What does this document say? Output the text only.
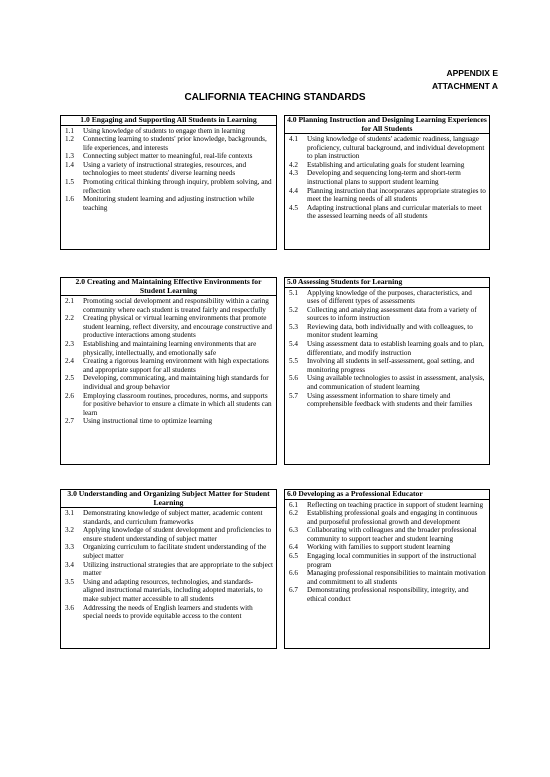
APPENDIX E
ATTACHMENT A
CALIFORNIA TEACHING STANDARDS
1.0 Engaging and Supporting All Students in Learning
1.1	Using knowledge of students to engage them in learning
1.2	Connecting learning to students' prior knowledge, backgrounds, life experiences, and interests
1.3	Connecting subject matter to meaningful, real-life contexts
1.4	Using a variety of instructional strategies, resources, and technologies to meet students' diverse learning needs
1.5	Promoting critical thinking through inquiry, problem solving, and reflection
1.6	Monitoring student learning and adjusting instruction while teaching
4.0 Planning Instruction and Designing Learning Experiences for All Students
4.1	Using knowledge of students' academic readiness, language proficiency, cultural background, and individual development to plan instruction
4.2	Establishing and articulating goals for student learning
4.3	Developing and sequencing long-term and short-term instructional plans to support student learning
4.4	Planning instruction that incorporates appropriate strategies to meet the learning needs of all students
4.5	Adapting instructional plans and curricular materials to meet the assessed learning needs of all students
2.0 Creating and Maintaining Effective Environments for Student Learning
2.1	Promoting social development and responsibility within a caring community where each student is treated fairly and respectfully
2.2	Creating physical or virtual learning environments that promote student learning, reflect diversity, and encourage constructive and productive interactions among students
2.3	Establishing and maintaining learning environments that are physically, intellectually, and emotionally safe
2.4	Creating a rigorous learning environment with high expectations and appropriate support for all students
2.5	Developing, communicating, and maintaining high standards for individual and group behavior
2.6	Employing classroom routines, procedures, norms, and supports for positive behavior to ensure a climate in which all students can learn
2.7	Using instructional time to optimize learning
5.0 Assessing Students for Learning
5.1	Applying knowledge of the purposes, characteristics, and uses of different types of assessments
5.2	Collecting and analyzing assessment data from a variety of sources to inform instruction
5.3	Reviewing data, both individually and with colleagues, to monitor student learning
5.4	Using assessment data to establish learning goals and to plan, differentiate, and modify instruction
5.5	Involving all students in self-assessment, goal setting, and monitoring progress
5.6	Using available technologies to assist in assessment, analysis, and communication of student learning
5.7	Using assessment information to share timely and comprehensible feedback with students and their families
3.0 Understanding and Organizing Subject Matter for Student Learning
3.1	Demonstrating knowledge of subject matter, academic content standards, and curriculum frameworks
3.2	Applying knowledge of student development and proficiencies to ensure student understanding of subject matter
3.3	Organizing curriculum to facilitate student understanding of the subject matter
3.4	Utilizing instructional strategies that are appropriate to the subject matter
3.5	Using and adapting resources, technologies, and standards-aligned instructional materials, including adopted materials, to make subject matter accessible to all students
3.6	Addressing the needs of English learners and students with special needs to provide equitable access to the content
6.0 Developing as a Professional Educator
6.1	Reflecting on teaching practice in support of student learning
6.2	Establishing professional goals and engaging in continuous and purposeful professional growth and development
6.3	Collaborating with colleagues and the broader professional community to support teacher and student learning
6.4	Working with families to support student learning
6.5	Engaging local communities in support of the instructional program
6.6	Managing professional responsibilities to maintain motivation and commitment to all students
6.7	Demonstrating professional responsibility, integrity, and ethical conduct
